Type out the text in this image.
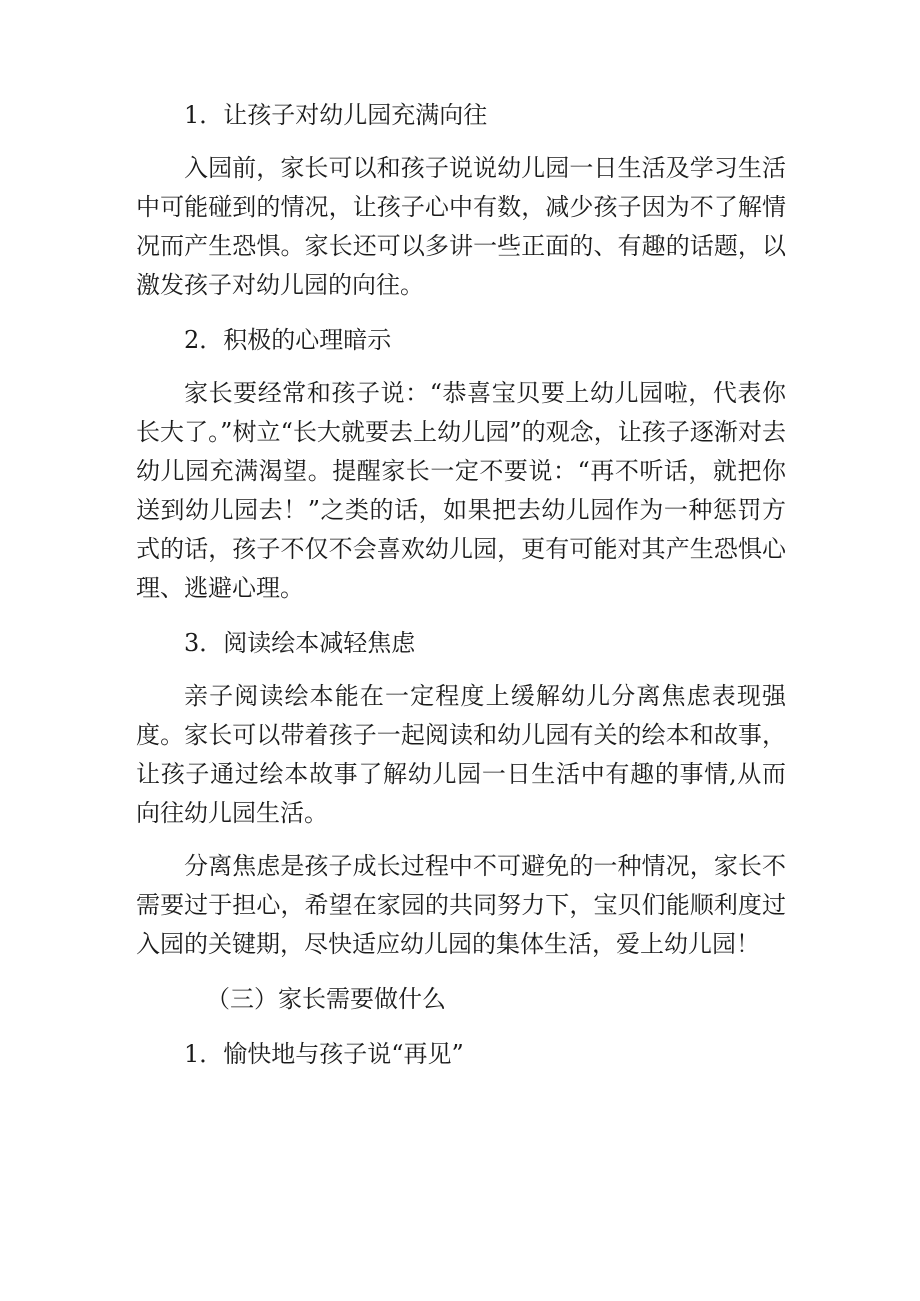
1．让孩子对幼儿园充满向往

入园前，家长可以和孩子说说幼儿园一日生活及学习生活中可能碰到的情况，让孩子心中有数，减少孩子因为不了解情况而产生恐惧。家长还可以多讲一些正面的、有趣的话题，以激发孩子对幼儿园的向往。

2．积极的心理暗示

家长要经常和孩子说：“恭喜宝贝要上幼儿园啦，代表你长大了。”树立“长大就要去上幼儿园”的观念，让孩子逐渐对去幼儿园充满渴望。提醒家长一定不要说：“再不听话，就把你送到幼儿园去！”之类的话，如果把去幼儿园作为一种惩罚方式的话，孩子不仅不会喜欢幼儿园，更有可能对其产生恐惧心理、逃避心理。

3．阅读绘本减轻焦虑

亲子阅读绘本能在一定程度上缓解幼儿分离焦虑表现强度。家长可以带着孩子一起阅读和幼儿园有关的绘本和故事，让孩子通过绘本故事了解幼儿园一日生活中有趣的事情,从而向往幼儿园生活。

分离焦虑是孩子成长过程中不可避免的一种情况，家长不需要过于担心，希望在家园的共同努力下，宝贝们能顺利度过入园的关键期，尽快适应幼儿园的集体生活，爱上幼儿园！

（三）家长需要做什么

1．愉快地与孩子说“再见”
